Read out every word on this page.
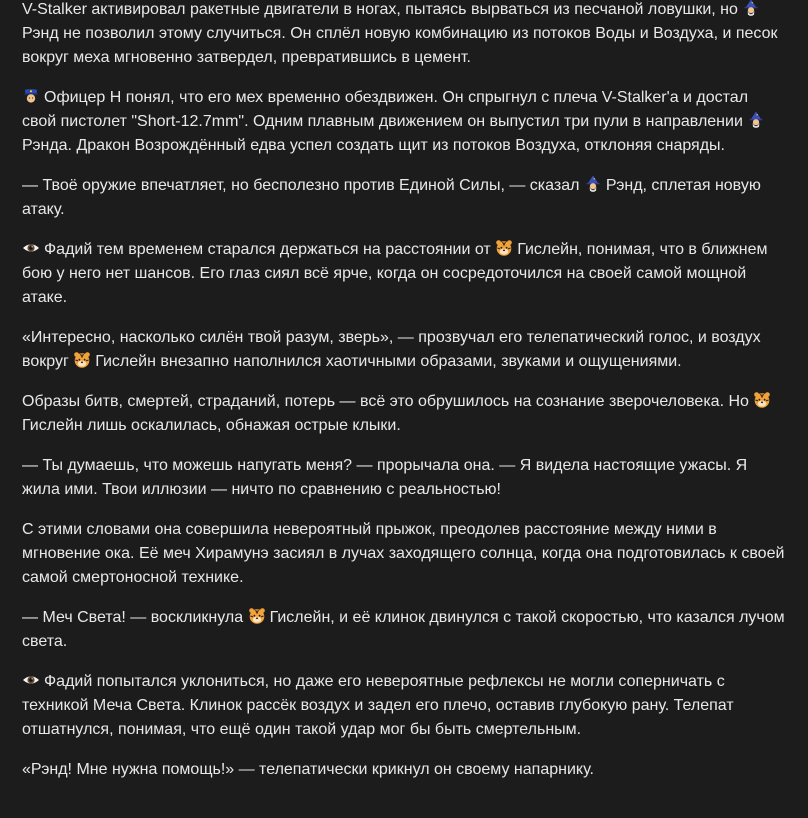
V-Stalker активировал ракетные двигатели в ногах, пытаясь вырваться из песчаной ловушки, но
Рэнд не позволил этому случиться. Он сплёл новую комбинацию из потоков Воды и Воздуха, и песок вокруг меха мгновенно затвердел, превратившись в цемент.

Офицер Н понял, что его мех временно обездвижен. Он спрыгнул с плеча V-Stalker'а и достал свой пистолет "Short-12.7mm". Одним плавным движением он выпустил три пули в направлении
Рэнда. Дракон Возрождённый едва успел создать щит из потоков Воздуха, отклоняя снаряды.

— Твоё оружие впечатляет, но бесполезно против Единой Силы, — сказал
Рэнд, сплетая новую атаку.

Фадий тем временем старался держаться на расстоянии от
Гислейн, понимая, что в ближнем бою у него нет шансов. Его глаз сиял всё ярче, когда он сосредоточился на своей самой мощной атаке.

«Интересно, насколько силён твой разум, зверь», — прозвучал его телепатический голос, и воздух вокруг
Гислейн внезапно наполнился хаотичными образами, звуками и ощущениями.

Образы битв, смертей, страданий, потерь — всё это обрушилось на сознание зверочеловека. Но
Гислейн лишь оскалилась, обнажая острые клыки.

— Ты думаешь, что можешь напугать меня? — прорычала она. — Я видела настоящие ужасы. Я жила ими. Твои иллюзии — ничто по сравнению с реальностью!

С этими словами она совершила невероятный прыжок, преодолев расстояние между ними в мгновение ока. Её меч Хирамунэ засиял в лучах заходящего солнца, когда она подготовилась к своей самой смертоносной технике.

— Меч Света! — воскликнула
Гислейн, и её клинок двинулся с такой скоростью, что казался лучом света.

Фадий попытался уклониться, но даже его невероятные рефлексы не могли соперничать с техникой Меча Света. Клинок рассёк воздух и задел его плечо, оставив глубокую рану. Телепат отшатнулся, понимая, что ещё один такой удар мог бы быть смертельным.

«Рэнд! Мне нужна помощь!» — телепатически крикнул он своему напарнику.
